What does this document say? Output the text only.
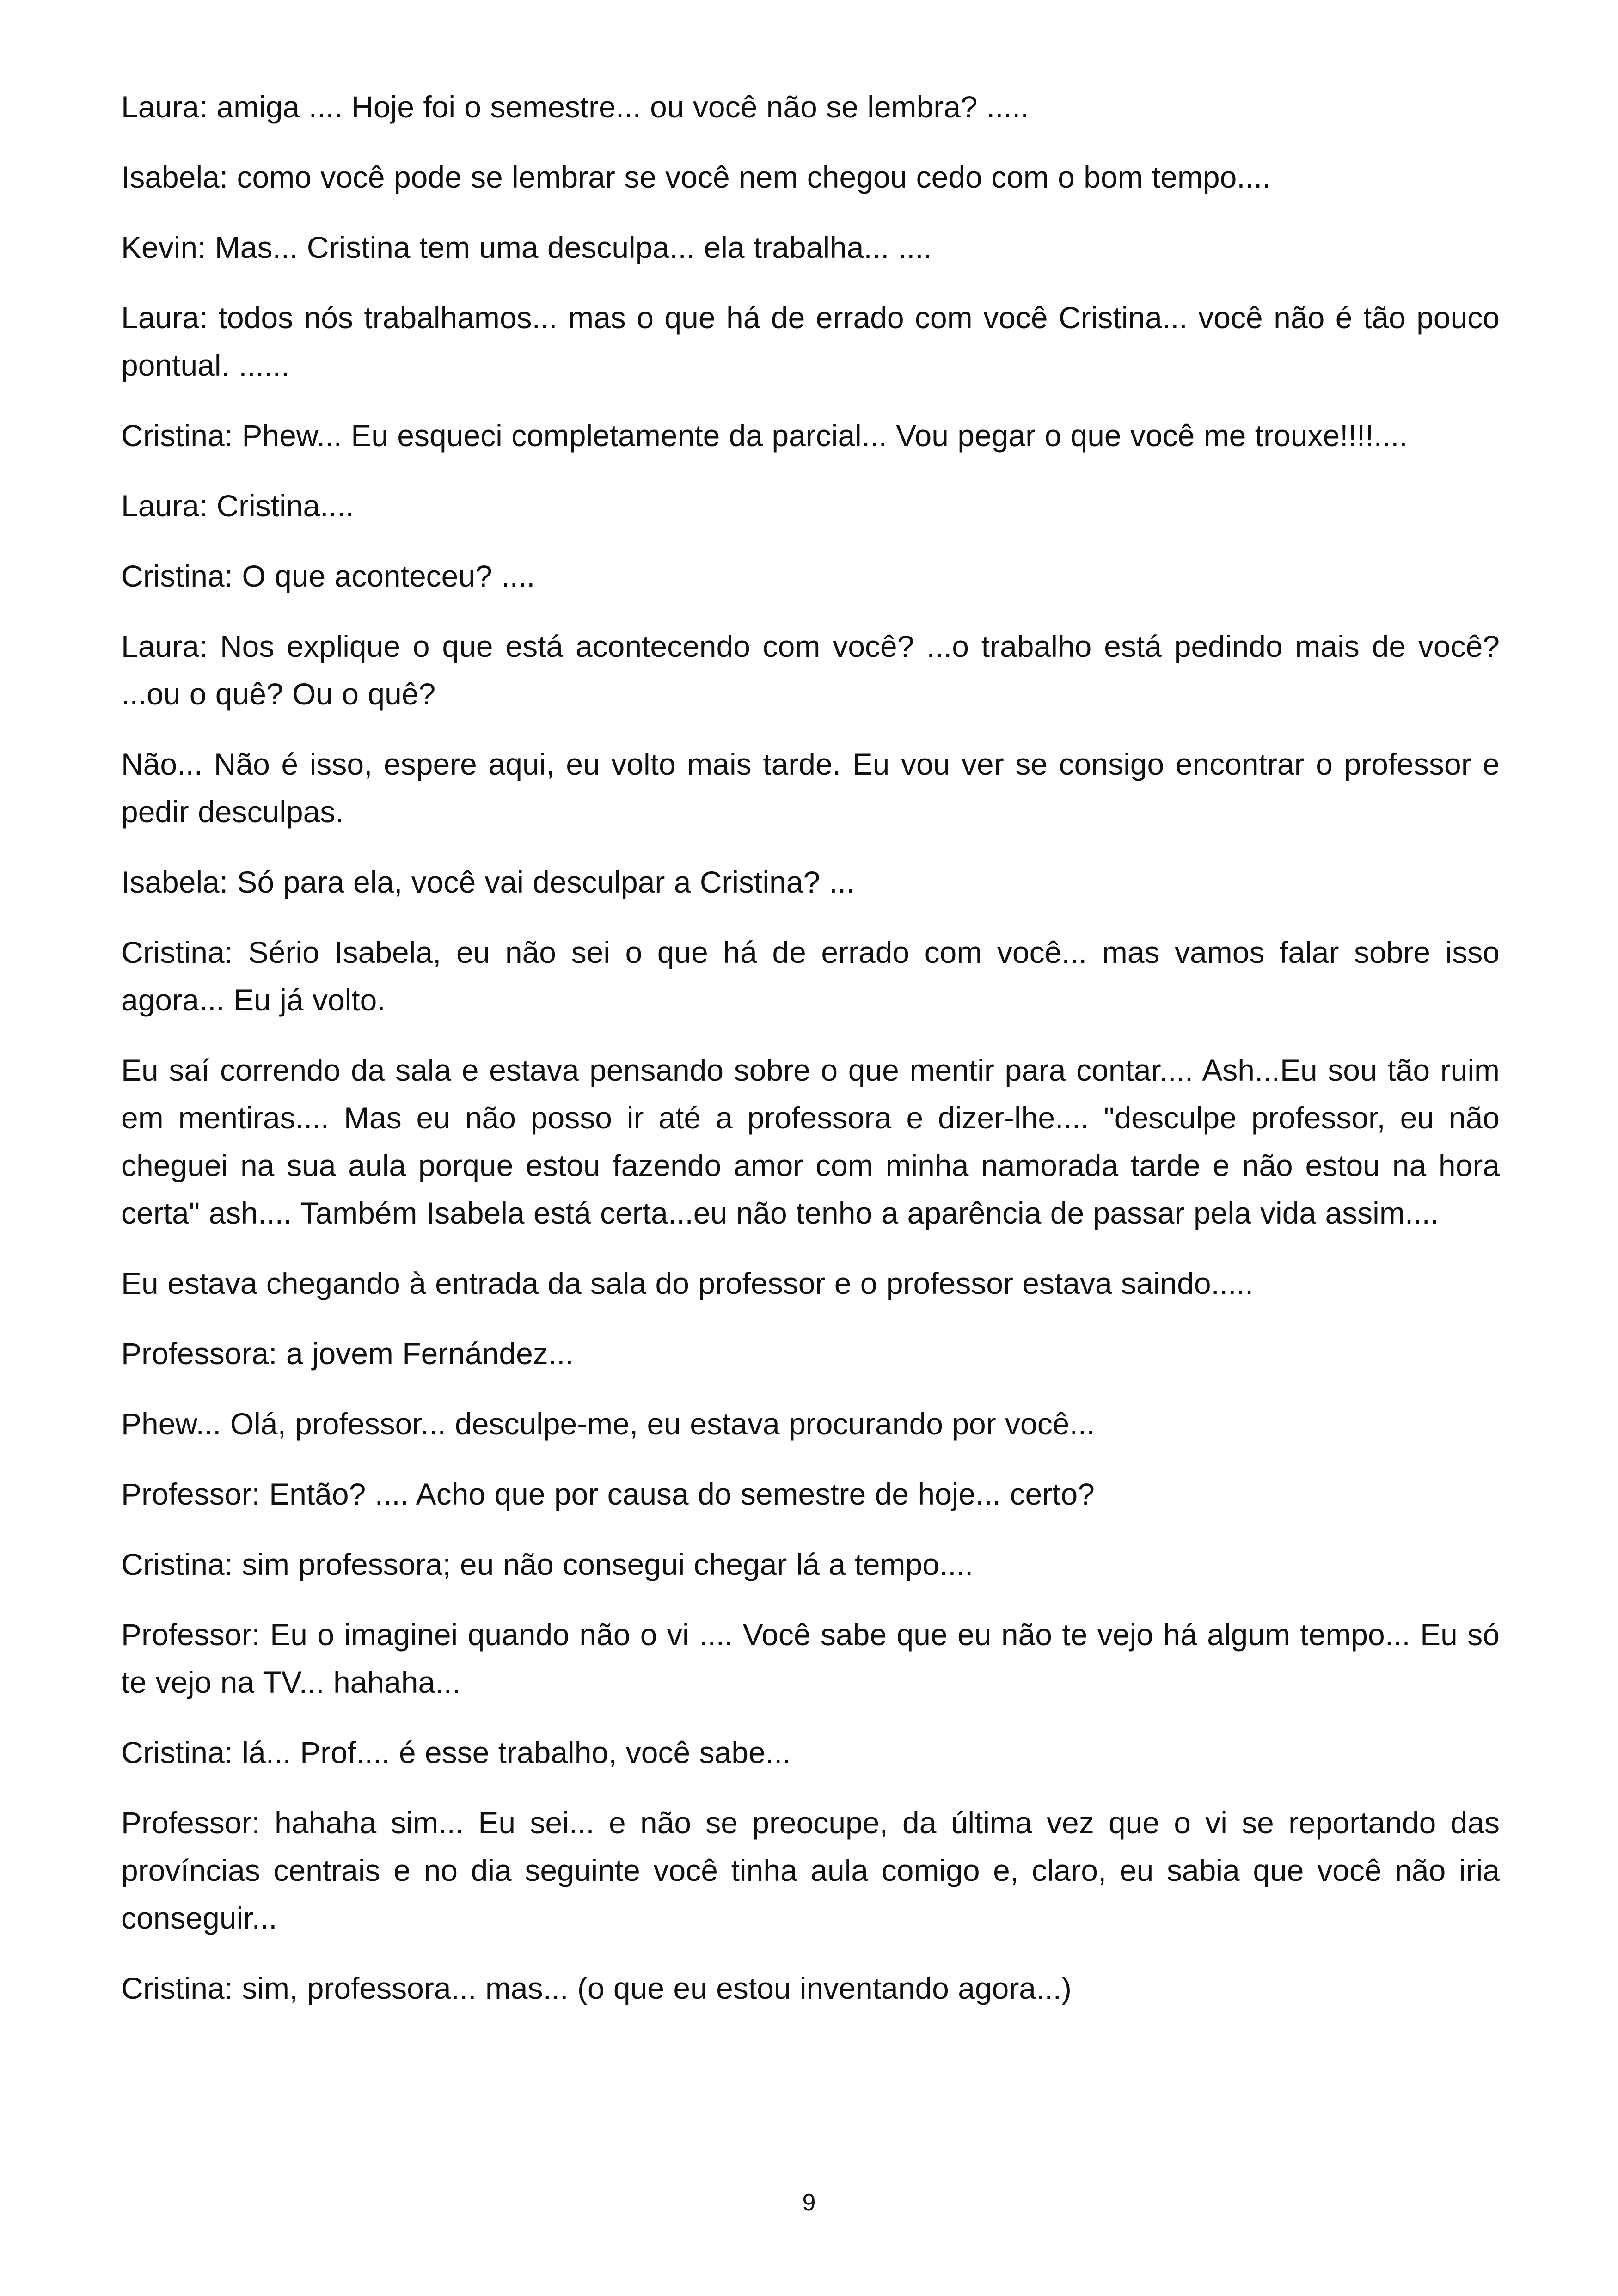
Laura: amiga .... Hoje foi o semestre... ou você não se lembra? .....

Isabela: como você pode se lembrar se você nem chegou cedo com o bom tempo....

Kevin: Mas... Cristina tem uma desculpa... ela trabalha... ....

Laura: todos nós trabalhamos... mas o que há de errado com você Cristina... você não é tão pouco pontual. ......

Cristina: Phew... Eu esqueci completamente da parcial... Vou pegar o que você me trouxe!!!!....

Laura: Cristina....

Cristina: O que aconteceu? ....

Laura: Nos explique o que está acontecendo com você? ...o trabalho está pedindo mais de você? ...ou o quê? Ou o quê?

Não... Não é isso, espere aqui, eu volto mais tarde. Eu vou ver se consigo encontrar o professor e pedir desculpas.

Isabela: Só para ela, você vai desculpar a Cristina? ...

Cristina: Sério Isabela, eu não sei o que há de errado com você... mas vamos falar sobre isso agora... Eu já volto.

Eu saí correndo da sala e estava pensando sobre o que mentir para contar.... Ash...Eu sou tão ruim em mentiras.... Mas eu não posso ir até a professora e dizer-lhe.... "desculpe professor, eu não cheguei na sua aula porque estou fazendo amor com minha namorada tarde e não estou na hora certa" ash.... Também Isabela está certa...eu não tenho a aparência de passar pela vida assim....

Eu estava chegando à entrada da sala do professor e o professor estava saindo.....

Professora: a jovem Fernández...

Phew... Olá, professor... desculpe-me, eu estava procurando por você...

Professor: Então? .... Acho que por causa do semestre de hoje... certo?

Cristina: sim professora; eu não consegui chegar lá a tempo....

Professor: Eu o imaginei quando não o vi .... Você sabe que eu não te vejo há algum tempo... Eu só te vejo na TV... hahaha...

Cristina: lá... Prof.... é esse trabalho, você sabe...

Professor: hahaha sim... Eu sei... e não se preocupe, da última vez que o vi se reportando das províncias centrais e no dia seguinte você tinha aula comigo e, claro, eu sabia que você não iria conseguir...

Cristina: sim, professora... mas... (o que eu estou inventando agora...)

9
